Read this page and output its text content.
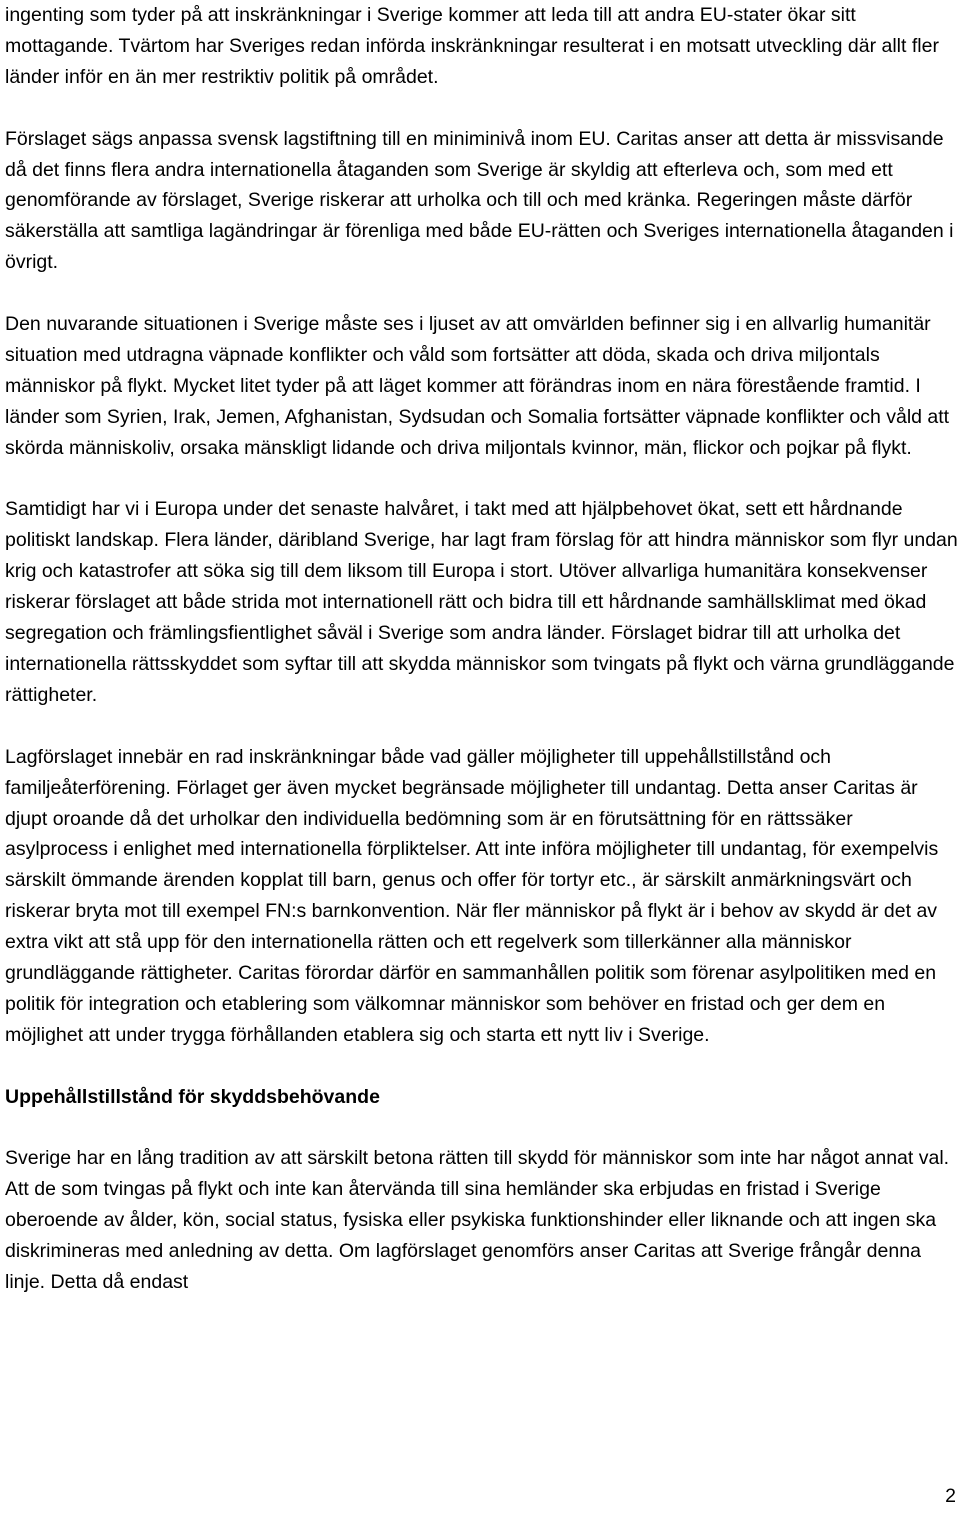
ingenting som tyder på att inskränkningar i Sverige kommer att leda till att andra EU-stater ökar sitt mottagande. Tvärtom har Sveriges redan införda inskränkningar resulterat i en motsatt utveckling där allt fler länder inför en än mer restriktiv politik på området.

Förslaget sägs anpassa svensk lagstiftning till en miniminivå inom EU. Caritas anser att detta är missvisande då det finns flera andra internationella åtaganden som Sverige är skyldig att efterleva och, som med ett genomförande av förslaget, Sverige riskerar att urholka och till och med kränka. Regeringen måste därför säkerställa att samtliga lagändringar är förenliga med både EU-rätten och Sveriges internationella åtaganden i övrigt.

Den nuvarande situationen i Sverige måste ses i ljuset av att omvärlden befinner sig i en allvarlig humanitär situation med utdragna väpnade konflikter och våld som fortsätter att döda, skada och driva miljontals människor på flykt. Mycket litet tyder på att läget kommer att förändras inom en nära förestående framtid. I länder som Syrien, Irak, Jemen, Afghanistan, Sydsudan och Somalia fortsätter väpnade konflikter och våld att skörda människoliv, orsaka mänskligt lidande och driva miljontals kvinnor, män, flickor och pojkar på flykt.

Samtidigt har vi i Europa under det senaste halvåret, i takt med att hjälpbehovet ökat, sett ett hårdnande politiskt landskap. Flera länder, däribland Sverige, har lagt fram förslag för att hindra människor som flyr undan krig och katastrofer att söka sig till dem liksom till Europa i stort. Utöver allvarliga humanitära konsekvenser riskerar förslaget att både strida mot internationell rätt och bidra till ett hårdnande samhällsklimat med ökad segregation och främlingsfientlighet såväl i Sverige som andra länder. Förslaget bidrar till att urholka det internationella rättsskyddet som syftar till att skydda människor som tvingats på flykt och värna grundläggande rättigheter.

Lagförslaget innebär en rad inskränkningar både vad gäller möjligheter till uppehållstillstånd och familjeåterförening. Förlaget ger även mycket begränsade möjligheter till undantag. Detta anser Caritas är djupt oroande då det urholkar den individuella bedömning som är en förutsättning för en rättssäker asylprocess i enlighet med internationella förpliktelser. Att inte införa möjligheter till undantag, för exempelvis särskilt ömmande ärenden kopplat till barn, genus och offer för tortyr etc., är särskilt anmärkningsvärt och riskerar bryta mot till exempel FN:s barnkonvention. När fler människor på flykt är i behov av skydd är det av extra vikt att stå upp för den internationella rätten och ett regelverk som tillerkänner alla människor grundläggande rättigheter. Caritas förordar därför en sammanhållen politik som förenar asylpolitiken med en politik för integration och etablering som välkomnar människor som behöver en fristad och ger dem en möjlighet att under trygga förhållanden etablera sig och starta ett nytt liv i Sverige.

Uppehållstillstånd för skyddsbehövande

Sverige har en lång tradition av att särskilt betona rätten till skydd för människor som inte har något annat val. Att de som tvingas på flykt och inte kan återvända till sina hemländer ska erbjudas en fristad i Sverige oberoende av ålder, kön, social status, fysiska eller psykiska funktionshinder eller liknande och att ingen ska diskrimineras med anledning av detta. Om lagförslaget genomförs anser Caritas att Sverige frångår denna linje. Detta då endast

2
